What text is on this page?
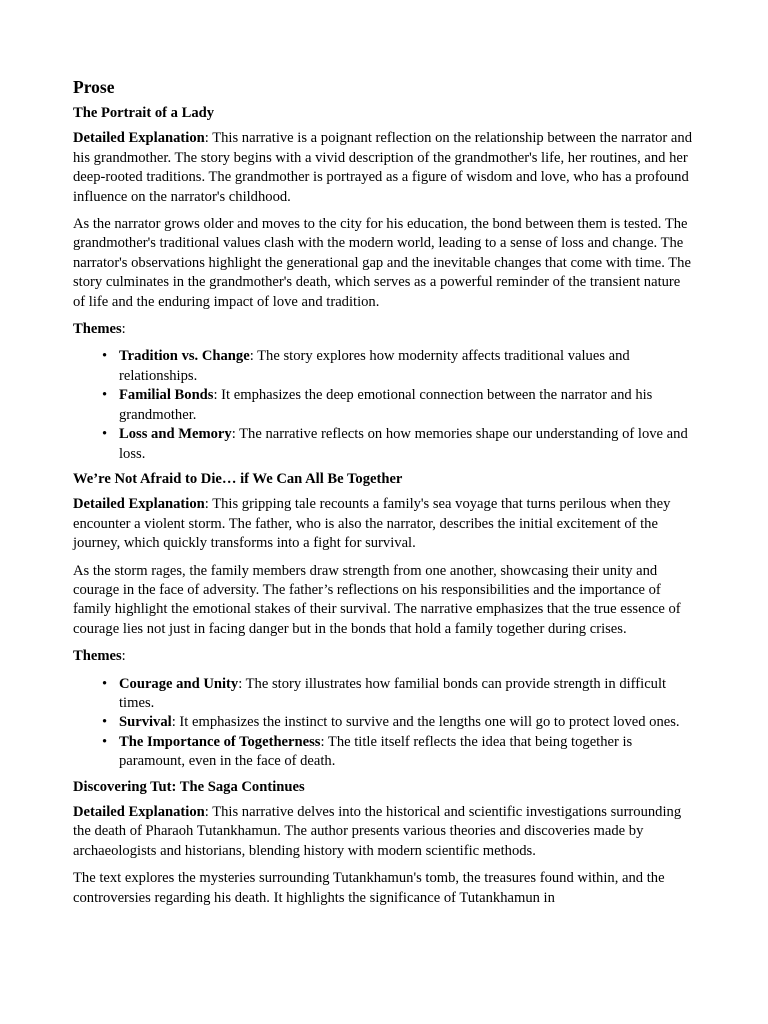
Prose
The Portrait of a Lady

Detailed Explanation: This narrative is a poignant reflection on the relationship between the narrator and his grandmother. The story begins with a vivid description of the grandmother's life, her routines, and her deep-rooted traditions. The grandmother is portrayed as a figure of wisdom and love, who has a profound influence on the narrator's childhood.

As the narrator grows older and moves to the city for his education, the bond between them is tested. The grandmother's traditional values clash with the modern world, leading to a sense of loss and change. The narrator's observations highlight the generational gap and the inevitable changes that come with time. The story culminates in the grandmother's death, which serves as a powerful reminder of the transient nature of life and the enduring impact of love and tradition.

Themes:

• Tradition vs. Change: The story explores how modernity affects traditional values and relationships.
• Familial Bonds: It emphasizes the deep emotional connection between the narrator and his grandmother.
• Loss and Memory: The narrative reflects on how memories shape our understanding of love and loss.
We’re Not Afraid to Die… if We Can All Be Together

Detailed Explanation: This gripping tale recounts a family's sea voyage that turns perilous when they encounter a violent storm. The father, who is also the narrator, describes the initial excitement of the journey, which quickly transforms into a fight for survival.

As the storm rages, the family members draw strength from one another, showcasing their unity and courage in the face of adversity. The father’s reflections on his responsibilities and the importance of family highlight the emotional stakes of their survival. The narrative emphasizes that the true essence of courage lies not just in facing danger but in the bonds that hold a family together during crises.

Themes:

• Courage and Unity: The story illustrates how familial bonds can provide strength in difficult times.
• Survival: It emphasizes the instinct to survive and the lengths one will go to protect loved ones.
• The Importance of Togetherness: The title itself reflects the idea that being together is paramount, even in the face of death.
Discovering Tut: The Saga Continues

Detailed Explanation: This narrative delves into the historical and scientific investigations surrounding the death of Pharaoh Tutankhamun. The author presents various theories and discoveries made by archaeologists and historians, blending history with modern scientific methods.

The text explores the mysteries surrounding Tutankhamun's tomb, the treasures found within, and the controversies regarding his death. It highlights the significance of Tutankhamun in
